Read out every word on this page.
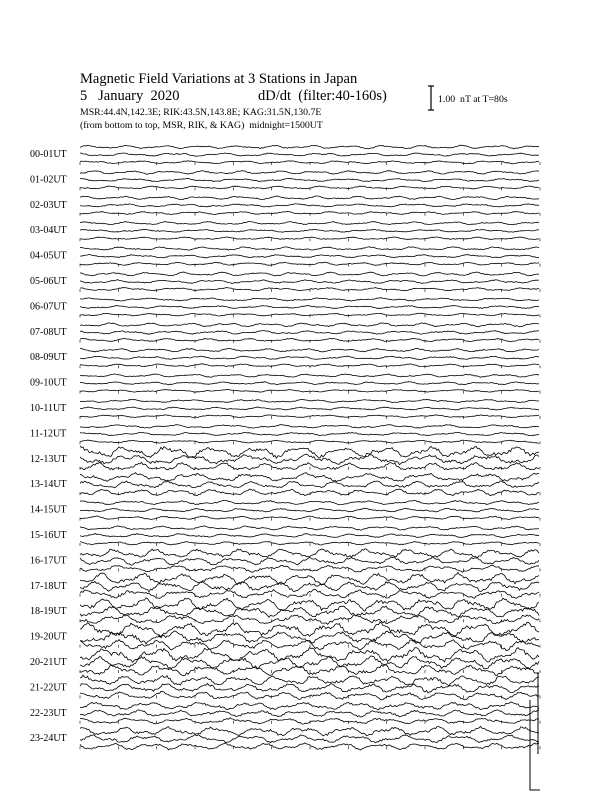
Magnetic Field Variations at 3 Stations in Japan
5   January  2020	dD/dt  (filter:40-160s)
MSR:44.4N,142.3E; RIK:43.5N,143.8E; KAG:31.5N,130.7E
(from bottom to top, MSR, RIK, & KAG)  midnight=1500UT
1.00  nT at T=80s
00-01UT
01-02UT
02-03UT
03-04UT
04-05UT
05-06UT
06-07UT
07-08UT
08-09UT
09-10UT
10-11UT
11-12UT
12-13UT
13-14UT
14-15UT
15-16UT
16-17UT
17-18UT
18-19UT
19-20UT
20-21UT
21-22UT
22-23UT
23-24UT
